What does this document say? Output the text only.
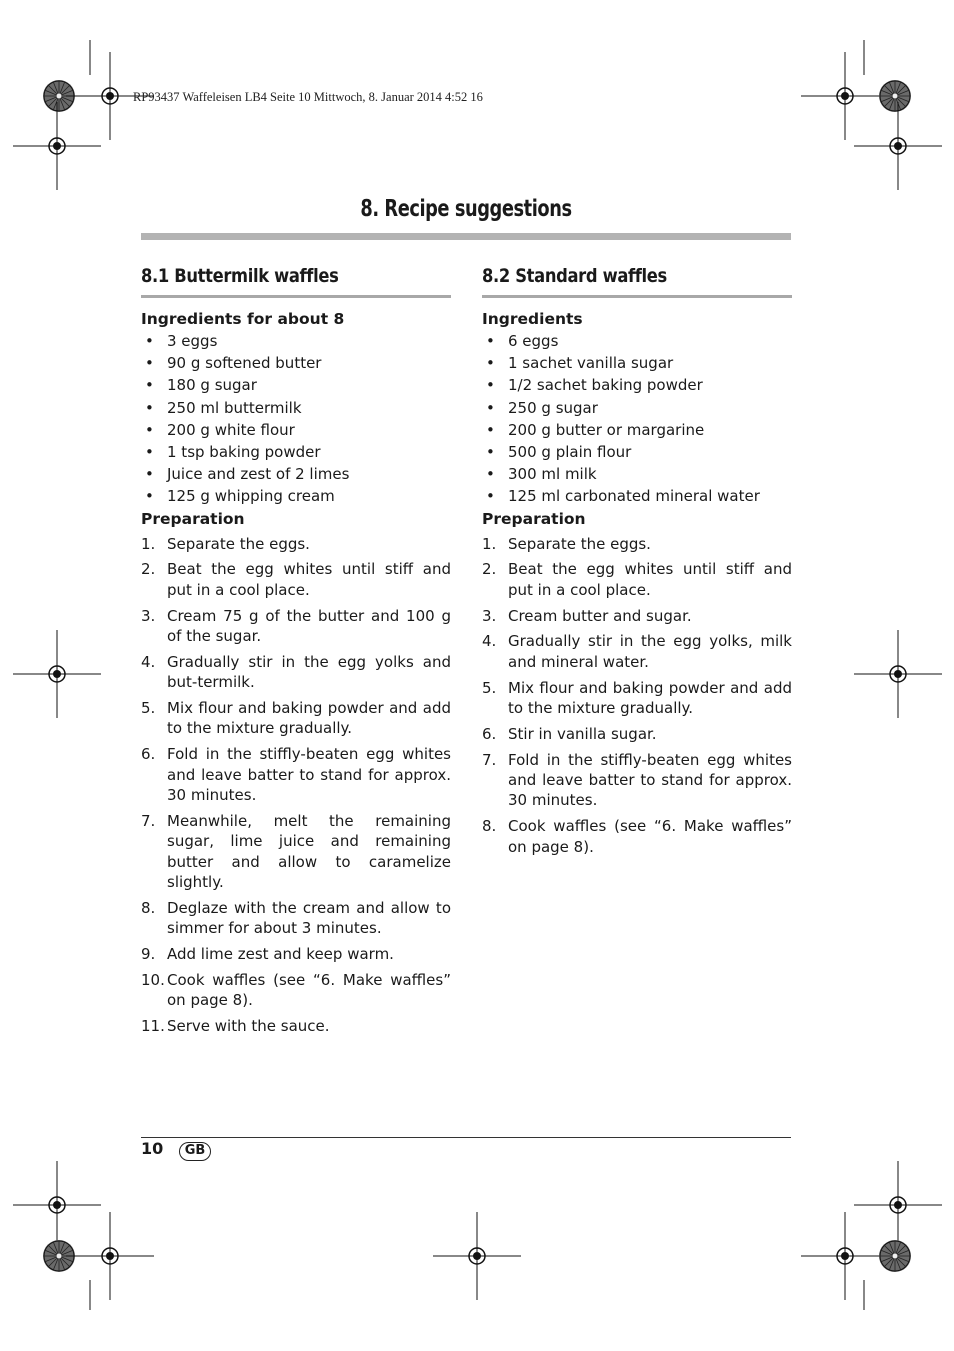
RP93437 Waffeleisen LB4 Seite 10 Mittwoch, 8. Januar 2014 4:52 16
8. Recipe suggestions
8.1 Buttermilk waffles
Ingredients for about 8
• 3 eggs
• 90 g softened butter
• 180 g sugar
• 250 ml buttermilk
• 200 g white flour
• 1 tsp baking powder
• Juice and zest of 2 limes
• 125 g whipping cream
Preparation
1. Separate the eggs.
2. Beat the egg whites until stiff and put in a cool place.
3. Cream 75 g of the butter and 100 g of the sugar.
4. Gradually stir in the egg yolks and but-termilk.
5. Mix flour and baking powder and add to the mixture gradually.
6. Fold in the stiffly-beaten egg whites and leave batter to stand for approx. 30 minutes.
7. Meanwhile, melt the remaining sugar, lime juice and remaining butter and allow to caramelize slightly.
8. Deglaze with the cream and allow to simmer for about 3 minutes.
9. Add lime zest and keep warm.
10. Cook waffles (see “6. Make waffles” on page 8).
11. Serve with the sauce.
8.2 Standard waffles
Ingredients
• 6 eggs
• 1 sachet vanilla sugar
• 1/2 sachet baking powder
• 250 g sugar
• 200 g butter or margarine
• 500 g plain flour
• 300 ml milk
• 125 ml carbonated mineral water
Preparation
1. Separate the eggs.
2. Beat the egg whites until stiff and put in a cool place.
3. Cream butter and sugar.
4. Gradually stir in the egg yolks, milk and mineral water.
5. Mix flour and baking powder and add to the mixture gradually.
6. Stir in vanilla sugar.
7. Fold in the stiffly-beaten egg whites and leave batter to stand for approx. 30 minutes.
8. Cook waffles (see “6. Make waffles” on page 8).
10	GB
